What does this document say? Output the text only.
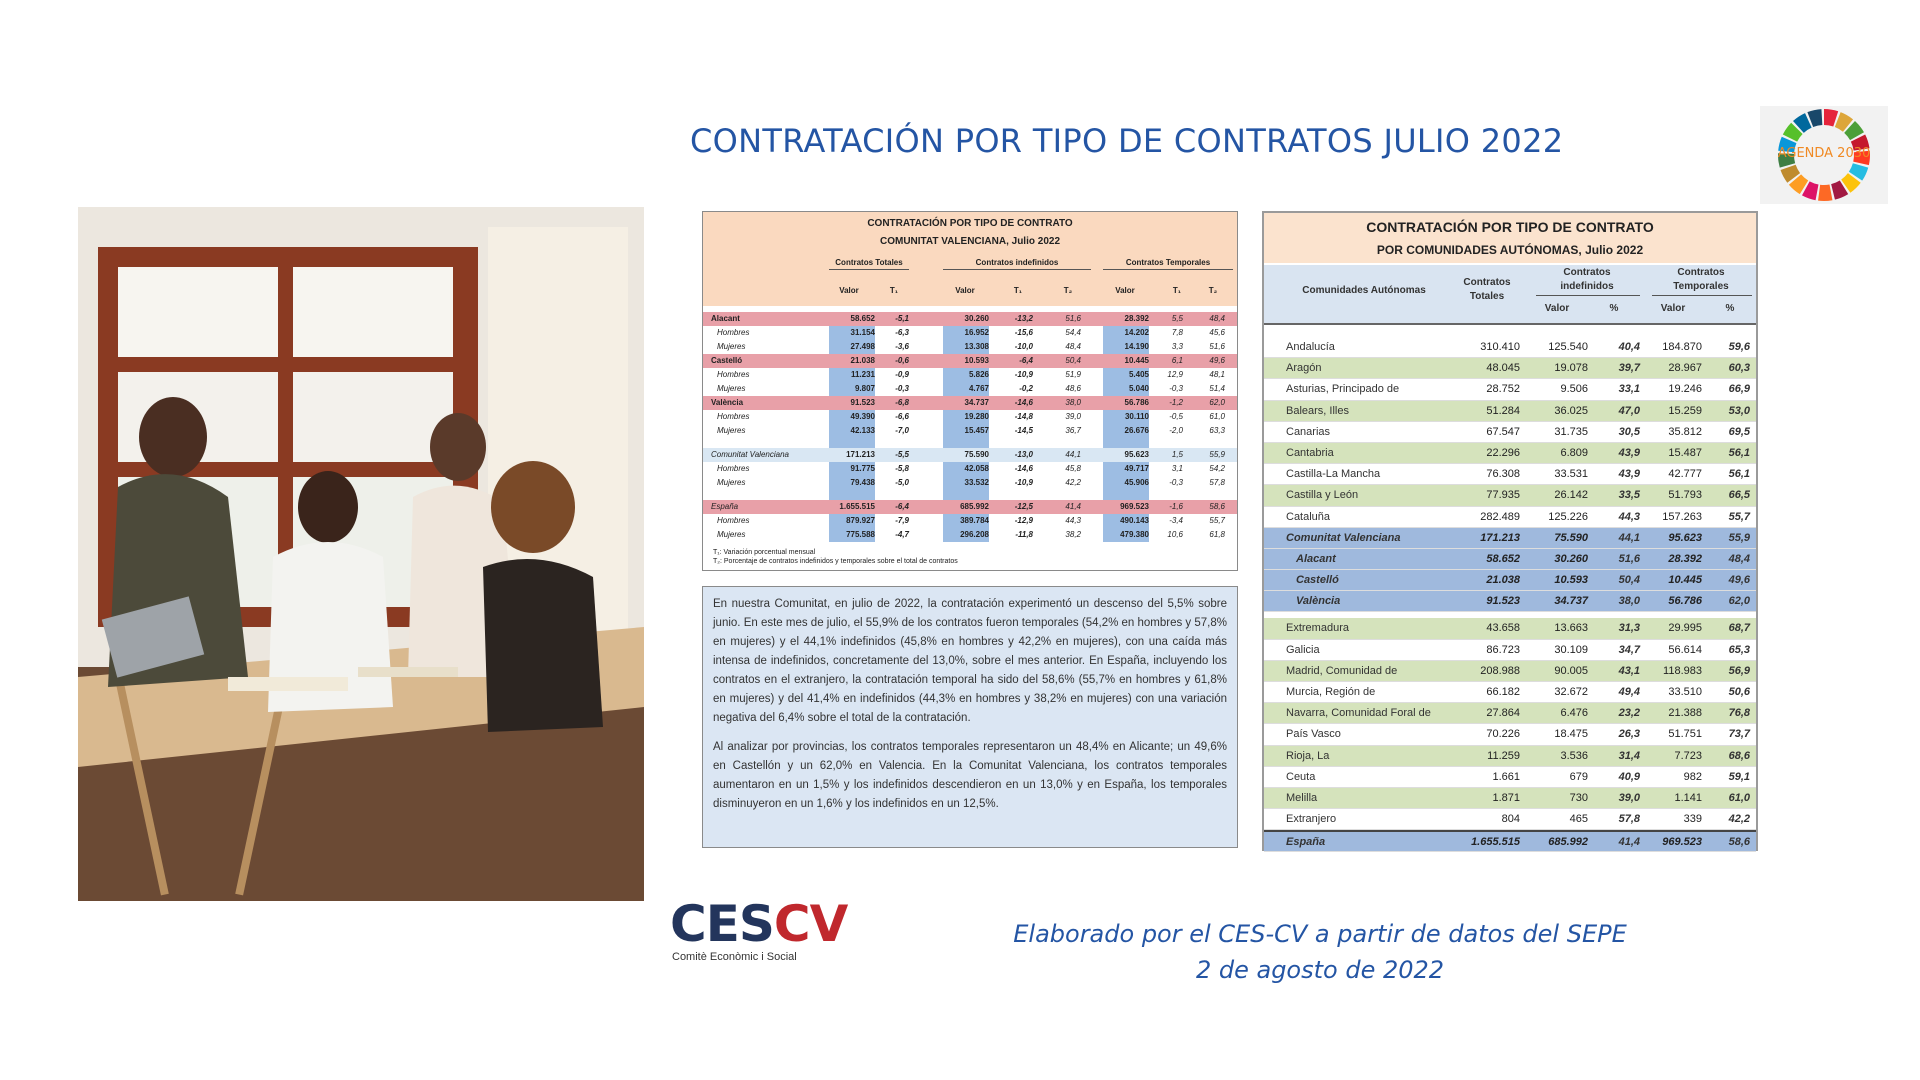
CONTRATACIÓN POR TIPO DE CONTRATOS JULIO 2022	AGENDA 2030
CONTRATACIÓN POR TIPO DE CONTRATO
COMUNITAT VALENCIANA, Julio 2022
Contratos Totales	Contratos indefinidos	Contratos Temporales
Valor	T₁	Valor	T₁	T₂	Valor	T₁	T₂
Alacant	58.652	-5,1	30.260	-13,2	51,6	28.392	5,5	48,4
Hombres	31.154	-6,3	16.952	-15,6	54,4	14.202	7,8	45,6
Mujeres	27.498	-3,6	13.308	-10,0	48,4	14.190	3,3	51,6
Castelló	21.038	-0,6	10.593	-6,4	50,4	10.445	6,1	49,6
Hombres	11.231	-0,9	5.826	-10,9	51,9	5.405	12,9	48,1
Mujeres	9.807	-0,3	4.767	-0,2	48,6	5.040	-0,3	51,4
València	91.523	-6,8	34.737	-14,6	38,0	56.786	-1,2	62,0
Hombres	49.390	-6,6	19.280	-14,8	39,0	30.110	-0,5	61,0
Mujeres	42.133	-7,0	15.457	-14,5	36,7	26.676	-2,0	63,3
Comunitat Valenciana	171.213	-5,5	75.590	-13,0	44,1	95.623	1,5	55,9
Hombres	91.775	-5,8	42.058	-14,6	45,8	49.717	3,1	54,2
Mujeres	79.438	-5,0	33.532	-10,9	42,2	45.906	-0,3	57,8
España	1.655.515	-6,4	685.992	-12,5	41,4	969.523	-1,6	58,6
Hombres	879.927	-7,9	389.784	-12,9	44,3	490.143	-3,4	55,7
Mujeres	775.588	-4,7	296.208	-11,8	38,2	479.380	10,6	61,8
T₁: Variación porcentual mensual
T₂: Porcentaje de contratos indefinidos y temporales sobre el total de contratos

En nuestra Comunitat, en julio de 2022, la contratación experimentó un descenso del 5,5% sobre junio. En este mes de julio, el 55,9% de los contratos fueron temporales (54,2% en hombres y 57,8% en mujeres) y el 44,1% indefinidos (45,8% en hombres y 42,2% en mujeres), con una caída más intensa de indefinidos, concretamente del 13,0%, sobre el mes anterior. En España, incluyendo los contratos en el extranjero, la contratación temporal ha sido del 58,6% (55,7% en hombres y 61,8% en mujeres) y del 41,4% en indefinidos (44,3% en hombres y 38,2% en mujeres) con una variación negativa del 6,4% sobre el total de la contratación.

Al analizar por provincias, los contratos temporales representaron un 48,4% en Alicante; un 49,6% en Castellón y un 62,0% en Valencia. En la Comunitat Valenciana, los contratos temporales aumentaron en un 1,5% y los indefinidos descendieron en un 13,0% y en España, los temporales disminuyeron en un 1,6% y los indefinidos en un 12,5%.

CONTRATACIÓN POR TIPO DE CONTRATO
POR COMUNIDADES AUTÓNOMAS, Julio 2022
Comunidades Autónomas
Contratos
Totales
Contratos
indefinidos
Contratos
Temporales
Valor	%	Valor	%
Andalucía	310.410	125.540	40,4	184.870	59,6
Aragón	48.045	19.078	39,7	28.967	60,3
Asturias, Principado de	28.752	9.506	33,1	19.246	66,9
Balears, Illes	51.284	36.025	47,0	15.259	53,0
Canarias	67.547	31.735	30,5	35.812	69,5
Cantabria	22.296	6.809	43,9	15.487	56,1
Castilla-La Mancha	76.308	33.531	43,9	42.777	56,1
Castilla y León	77.935	26.142	33,5	51.793	66,5
Cataluña	282.489	125.226	44,3	157.263	55,7
Comunitat Valenciana	171.213	75.590	44,1	95.623	55,9
Alacant	58.652	30.260	51,6	28.392	48,4
Castelló	21.038	10.593	50,4	10.445	49,6
València	91.523	34.737	38,0	56.786	62,0
Extremadura	43.658	13.663	31,3	29.995	68,7
Galicia	86.723	30.109	34,7	56.614	65,3
Madrid, Comunidad de	208.988	90.005	43,1	118.983	56,9
Murcia, Región de	66.182	32.672	49,4	33.510	50,6
Navarra, Comunidad Foral de	27.864	6.476	23,2	21.388	76,8
País Vasco	70.226	18.475	26,3	51.751	73,7
Rioja, La	11.259	3.536	31,4	7.723	68,6
Ceuta	1.661	679	40,9	982	59,1
Melilla	1.871	730	39,0	1.141	61,0
Extranjero	804	465	57,8	339	42,2
España	1.655.515	685.992	41,4	969.523	58,6
CESCV
Comitè Econòmic i Social
Elaborado por el CES-CV a partir de datos del SEPE
2 de agosto de 2022
